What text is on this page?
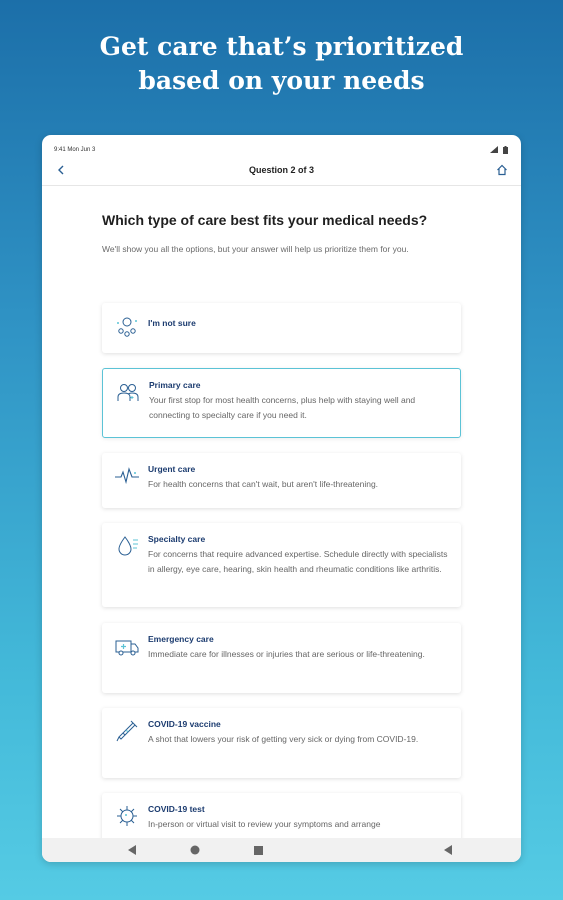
Get care that’s prioritized
based on your needs
9:41 Mon Jun 3
Question 2 of 3
Which type of care best fits your medical needs?
We'll show you all the options, but your answer will help us prioritize them for you.
I'm not sure
Primary care
Your first stop for most health concerns, plus help with staying well and connecting to specialty care if you need it.
Urgent care
For health concerns that can't wait, but aren't life-threatening.
Specialty care
For concerns that require advanced expertise. Schedule directly with specialists in allergy, eye care, hearing, skin health and rheumatic conditions like arthritis.
Emergency care
Immediate care for illnesses or injuries that are serious or life-threatening.
COVID-19 vaccine
A shot that lowers your risk of getting very sick or dying from COVID-19.
COVID-19 test
In-person or virtual visit to review your symptoms and arrange
